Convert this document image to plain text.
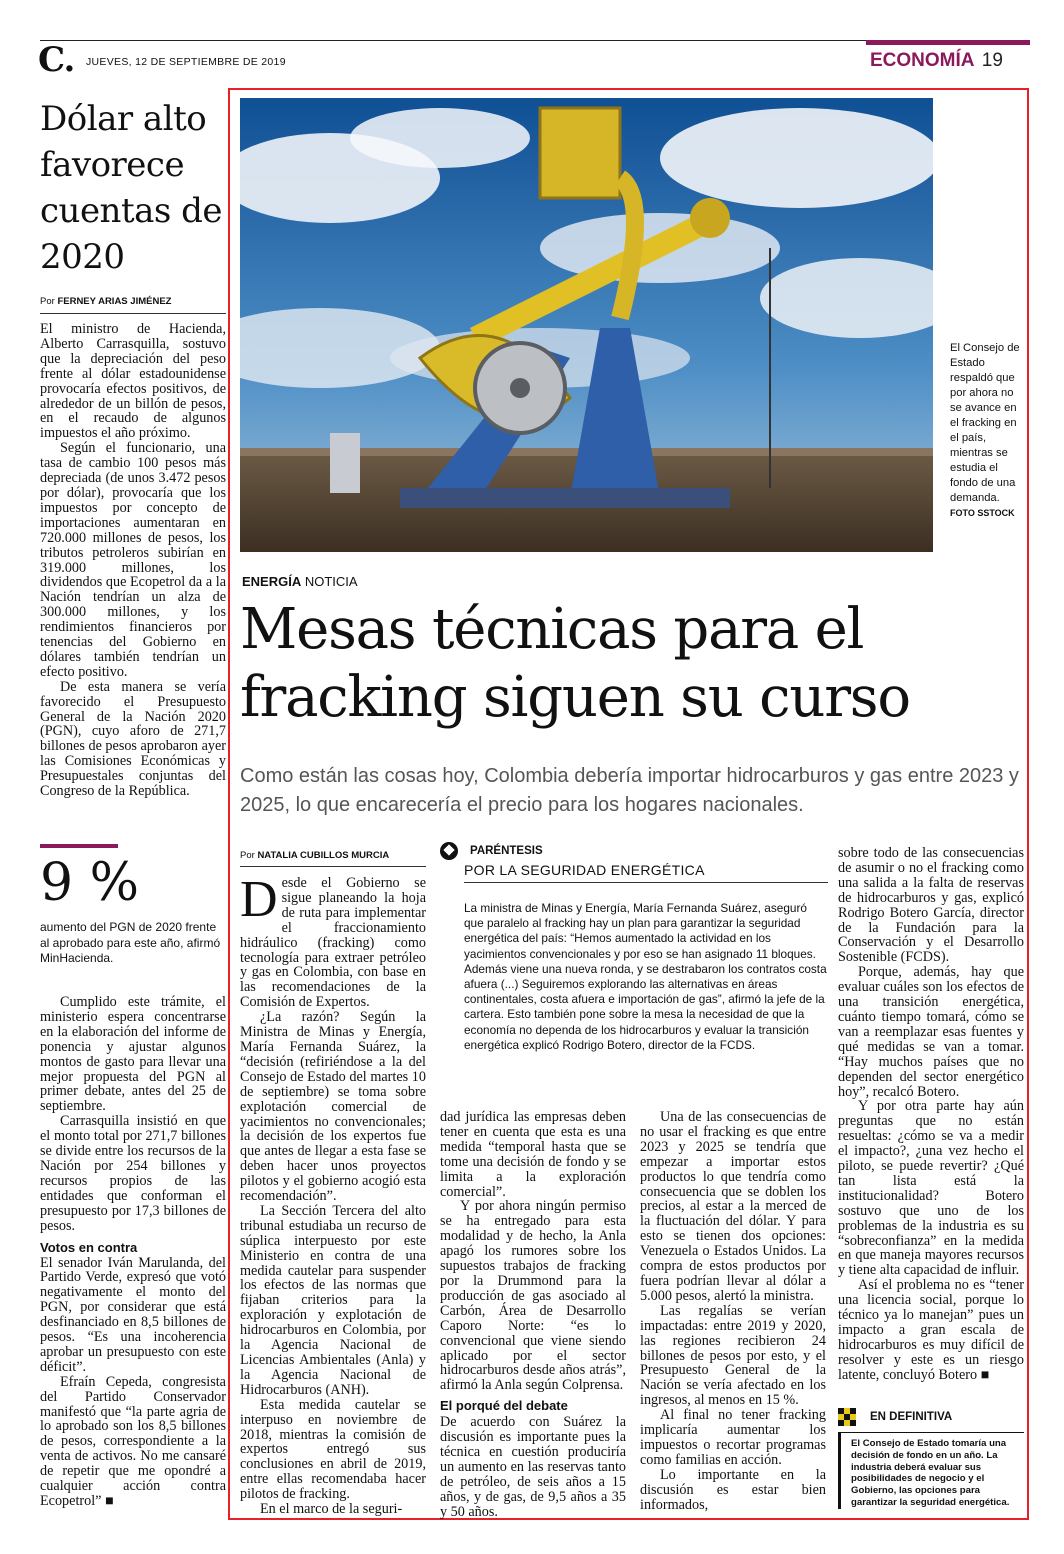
C. JUEVES, 12 DE SEPTIEMBRE DE 2019	ECONOMÍA 19
Dólar alto favorece cuentas de 2020
Por FERNEY ARIAS JIMÉNEZ

El ministro de Hacienda, Alberto Carrasquilla, sostuvo que la depreciación del peso frente al dólar estadounidense provocaría efectos positivos, de alrededor de un billón de pesos, en el recaudo de algunos impuestos el año próximo.

Según el funcionario, una tasa de cambio 100 pesos más depreciada (de unos 3.472 pesos por dólar), provocaría que los impuestos por concepto de importaciones aumentaran en 720.000 millones de pesos, los tributos petroleros subirían en 319.000 millones, los dividendos que Ecopetrol da a la Nación tendrían un alza de 300.000 millones, y los rendimientos financieros por tenencias del Gobierno en dólares también tendrían un efecto positivo.

De esta manera se vería favorecido el Presupuesto General de la Nación 2020 (PGN), cuyo aforo de 271,7 billones de pesos aprobaron ayer las Comisiones Económicas y Presupuestales conjuntas del Congreso de la República.

9 %
aumento del PGN de 2020 frente al aprobado para este año, afirmó MinHacienda.

Cumplido este trámite, el ministerio espera concentrarse en la elaboración del informe de ponencia y ajustar algunos montos de gasto para llevar una mejor propuesta del PGN al primer debate, antes del 25 de septiembre.

Carrasquilla insistió en que el monto total por 271,7 billones se divide entre los recursos de la Nación por 254 billones y recursos propios de las entidades que conforman el presupuesto por 17,3 billones de pesos.

Votos en contra

El senador Iván Marulanda, del Partido Verde, expresó que votó negativamente el monto del PGN, por considerar que está desfinanciado en 8,5 billones de pesos. “Es una incoherencia aprobar un presupuesto con este déficit”.

Efraín Cepeda, congresista del Partido Conservador manifestó que “la parte agria de lo aprobado son los 8,5 billones de pesos, correspondiente a la venta de activos. No me cansaré de repetir que me opondré a cualquier acción contra Ecopetrol” ■

El Consejo de Estado respaldó que por ahora no se avance en el fracking en el país, mientras se estudia el fondo de una demanda. FOTO SSTOCK
ENERGÍA NOTICIA
Mesas técnicas para el fracking siguen su curso
Como están las cosas hoy, Colombia debería importar hidrocarburos y gas entre 2023 y 2025, lo que encarecería el precio para los hogares nacionales.
Por NATALIA CUBILLOS MURCIA

Desde el Gobierno se sigue planeando la hoja de ruta para implementar el fraccionamiento hidráulico (fracking) como tecnología para extraer petróleo y gas en Colombia, con base en las recomendaciones de la Comisión de Expertos.

¿La razón? Según la Ministra de Minas y Energía, María Fernanda Suárez, la “decisión (refiriéndose a la del Consejo de Estado del martes 10 de septiembre) se toma sobre explotación comercial de yacimientos no convencionales; la decisión de los expertos fue que antes de llegar a esta fase se deben hacer unos proyectos pilotos y el gobierno acogió esta recomendación”.

La Sección Tercera del alto tribunal estudiaba un recurso de súplica interpuesto por este Ministerio en contra de una medida cautelar para suspender los efectos de las normas que fijaban criterios para la exploración y explotación de hidrocarburos en Colombia, por la Agencia Nacional de Licencias Ambientales (Anla) y la Agencia Nacional de Hidrocarburos (ANH).

Esta medida cautelar se interpuso en noviembre de 2018, mientras la comisión de expertos entregó sus conclusiones en abril de 2019, entre ellas recomendaba hacer pilotos de fracking.

En el marco de la seguri-

PARÉNTESIS
POR LA SEGURIDAD ENERGÉTICA
La ministra de Minas y Energía, María Fernanda Suárez, aseguró que paralelo al fracking hay un plan para garantizar la seguridad energética del país: “Hemos aumentado la actividad en los yacimientos convencionales y por eso se han asignado 11 bloques. Además viene una nueva ronda, y se destrabaron los contratos costa afuera (...) Seguiremos explorando las alternativas en áreas continentales, costa afuera e importación de gas”, afirmó la jefe de la cartera. Esto también pone sobre la mesa la necesidad de que la economía no dependa de los hidrocarburos y evaluar la transición energética explicó Rodrigo Botero, director de la FCDS.

dad jurídica las empresas deben tener en cuenta que esta es una medida “temporal hasta que se tome una decisión de fondo y se limita a la exploración comercial”.

Y por ahora ningún permiso se ha entregado para esta modalidad y de hecho, la Anla apagó los rumores sobre los supuestos trabajos de fracking por la Drummond para la producción de gas asociado al Carbón, Área de Desarrollo Caporo Norte: “es lo convencional que viene siendo aplicado por el sector hidrocarburos desde años atrás”, afirmó la Anla según Colprensa.

El porqué del debate

De acuerdo con Suárez la discusión es importante pues la técnica en cuestión produciría un aumento en las reservas tanto de petróleo, de seis años a 15 años, y de gas, de 9,5 años a 35 y 50 años.

Una de las consecuencias de no usar el fracking es que entre 2023 y 2025 se tendría que empezar a importar estos productos lo que tendría como consecuencia que se doblen los precios, al estar a la merced de la fluctuación del dólar. Y para esto se tienen dos opciones: Venezuela o Estados Unidos. La compra de estos productos por fuera podrían llevar al dólar a 5.000 pesos, alertó la ministra.

Las regalías se verían impactadas: entre 2019 y 2020, las regiones recibieron 24 billones de pesos por esto, y el Presupuesto General de la Nación se vería afectado en los ingresos, al menos en 15 %.

Al final no tener fracking implicaría aumentar los impuestos o recortar programas como familias en acción.

Lo importante en la discusión es estar bien informados,

sobre todo de las consecuencias de asumir o no el fracking como una salida a la falta de reservas de hidrocarburos y gas, explicó Rodrigo Botero García, director de la Fundación para la Conservación y el Desarrollo Sostenible (FCDS).

Porque, además, hay que evaluar cuáles son los efectos de una transición energética, cuánto tiempo tomará, cómo se van a reemplazar esas fuentes y qué medidas se van a tomar. “Hay muchos países que no dependen del sector energético hoy”, recalcó Botero.

Y por otra parte hay aún preguntas que no están resueltas: ¿cómo se va a medir el impacto?, ¿una vez hecho el piloto, se puede revertir? ¿Qué tan lista está la institucionalidad? Botero sostuvo que uno de los problemas de la industria es su “sobreconfianza” en la medida en que maneja mayores recursos y tiene alta capacidad de influir.

Así el problema no es “tener una licencia social, porque lo técnico ya lo manejan” pues un impacto a gran escala de hidrocarburos es muy difícil de resolver y este es un riesgo latente, concluyó Botero ■

EN DEFINITIVA
El Consejo de Estado tomaría una decisión de fondo en un año. La industria deberá evaluar sus posibilidades de negocio y el Gobierno, las opciones para garantizar la seguridad energética.
